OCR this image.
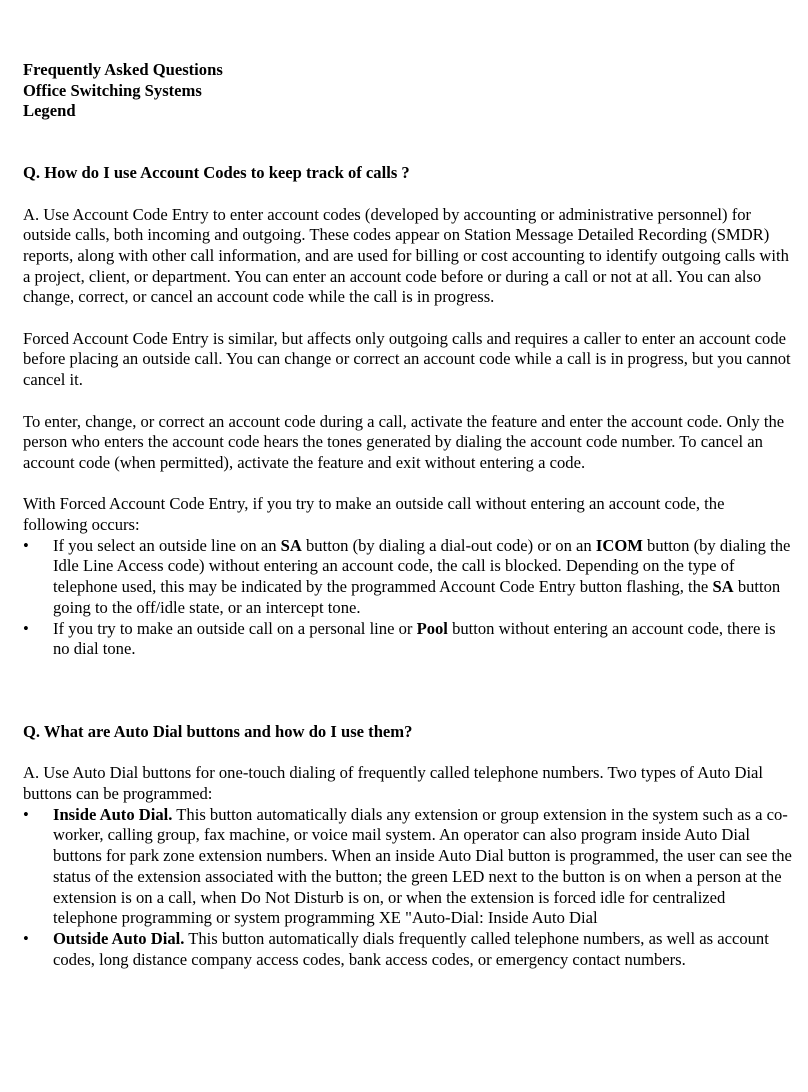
Frequently Asked Questions

Office Switching Systems

Legend

Q. How do I use Account Codes to keep track of calls ?

A. Use Account Code Entry to enter account codes (developed by accounting or administrative personnel) for outside calls, both incoming and outgoing. These codes appear on Station Message Detailed Recording (SMDR) reports, along with other call information, and are used for billing or cost accounting to identify outgoing calls with a project, client, or department. You can enter an account code before or during a call or not at all. You can also change, correct, or cancel an account code while the call is in progress.

Forced Account Code Entry is similar, but affects only outgoing calls and requires a caller to enter an account code before placing an outside call. You can change or correct an account code while a call is in progress, but you cannot cancel it.

To enter, change, or correct an account code during a call, activate the feature and enter the account code. Only the person who enters the account code hears the tones generated by dialing the account code number. To cancel an account code (when permitted), activate the feature and exit without entering a code.

With Forced Account Code Entry, if you try to make an outside call without entering an account code, the following occurs:

•	If you select an outside line on an SA button (by dialing a dial-out code) or on an ICOM button (by dialing the Idle Line Access code) without entering an account code, the call is blocked. Depending on the type of telephone used, this may be indicated by the programmed Account Code Entry button flashing, the SA button going to the off/idle state, or an intercept tone.
•	If you try to make an outside call on a personal line or Pool button without entering an account code, there is no dial tone.

Q. What are Auto Dial buttons and how do I use them?

A. Use Auto Dial buttons for one-touch dialing of frequently called telephone numbers. Two types of Auto Dial buttons can be programmed:

•	Inside Auto Dial. This button automatically dials any extension or group extension in the system such as a co-worker, calling group, fax machine, or voice mail system. An operator can also program inside Auto Dial buttons for park zone extension numbers. When an inside Auto Dial button is programmed, the user can see the status of the extension associated with the button; the green LED next to the button is on when a person at the extension is on a call, when Do Not Disturb is on, or when the extension is forced idle for centralized telephone programming or system programming XE "Auto-Dial: Inside Auto Dial
•	Outside Auto Dial. This button automatically dials frequently called telephone numbers, as well as account codes, long distance company access codes, bank access codes, or emergency contact numbers.
